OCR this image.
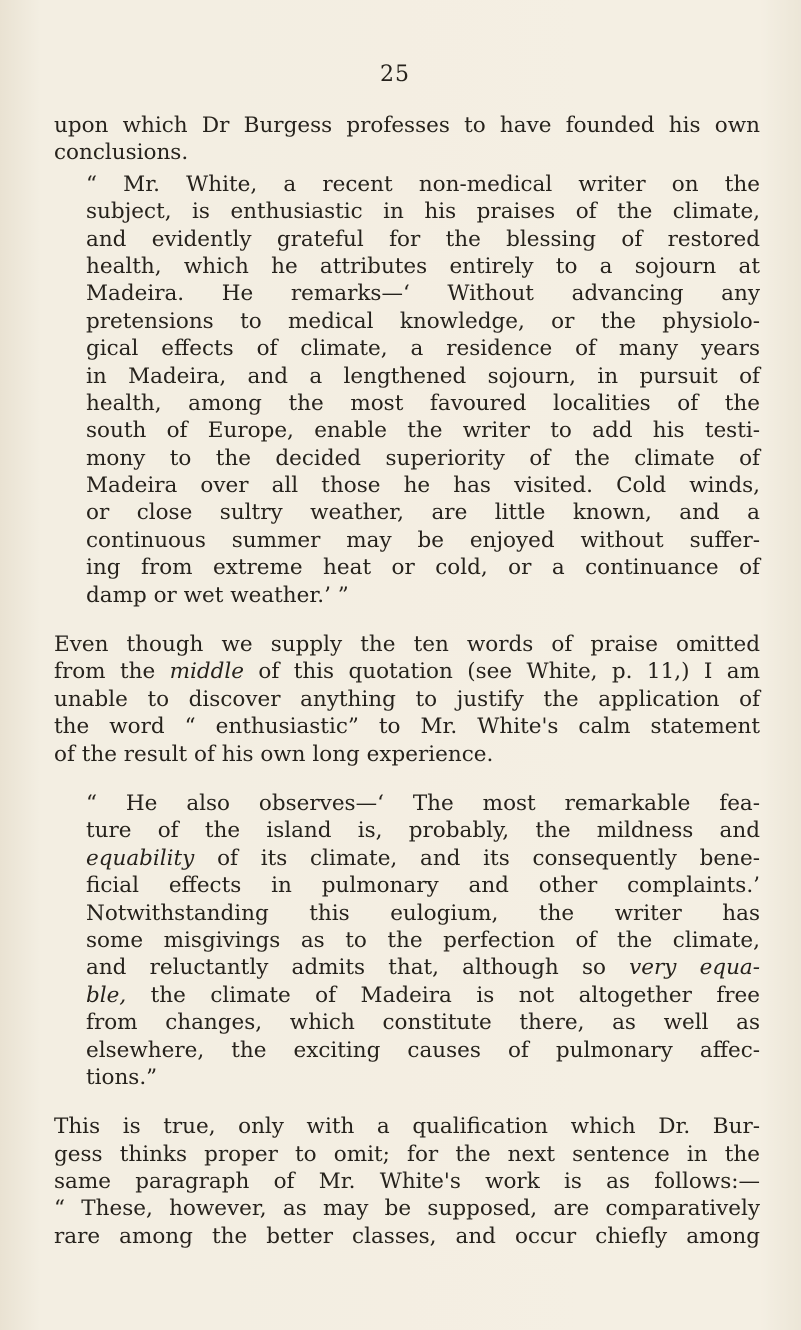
25
upon which Dr Burgess professes to have founded his own
conclusions.
“ Mr. White, a recent non-medical writer on the
subject, is enthusiastic in his praises of the climate,
and evidently grateful for the blessing of restored
health, which he attributes entirely to a sojourn at
Madeira. He remarks—‘ Without advancing any
pretensions to medical knowledge, or the physiolo-
gical effects of climate, a residence of many years
in Madeira, and a lengthened sojourn, in pursuit of
health, among the most favoured localities of the
south of Europe, enable the writer to add his testi-
mony to the decided superiority of the climate of
Madeira over all those he has visited. Cold winds,
or close sultry weather, are little known, and a
continuous summer may be enjoyed without suffer-
ing from extreme heat or cold, or a continuance of
damp or wet weather.’ ”
Even though we supply the ten words of praise omitted
from the middle of this quotation (see White, p. 11,) I am
unable to discover anything to justify the application of
the word “ enthusiastic” to Mr. White's calm statement
of the result of his own long experience.
“ He also observes—‘ The most remarkable fea-
ture of the island is, probably, the mildness and
equability of its climate, and its consequently bene-
ficial effects in pulmonary and other complaints.’
Notwithstanding this eulogium, the writer has
some misgivings as to the perfection of the climate,
and reluctantly admits that, although so very equa-
ble, the climate of Madeira is not altogether free
from changes, which constitute there, as well as
elsewhere, the exciting causes of pulmonary affec-
tions.”
This is true, only with a qualification which Dr. Bur-
gess thinks proper to omit; for the next sentence in the
same paragraph of Mr. White's work is as follows:—
“ These, however, as may be supposed, are comparatively
rare among the better classes, and occur chiefly among
